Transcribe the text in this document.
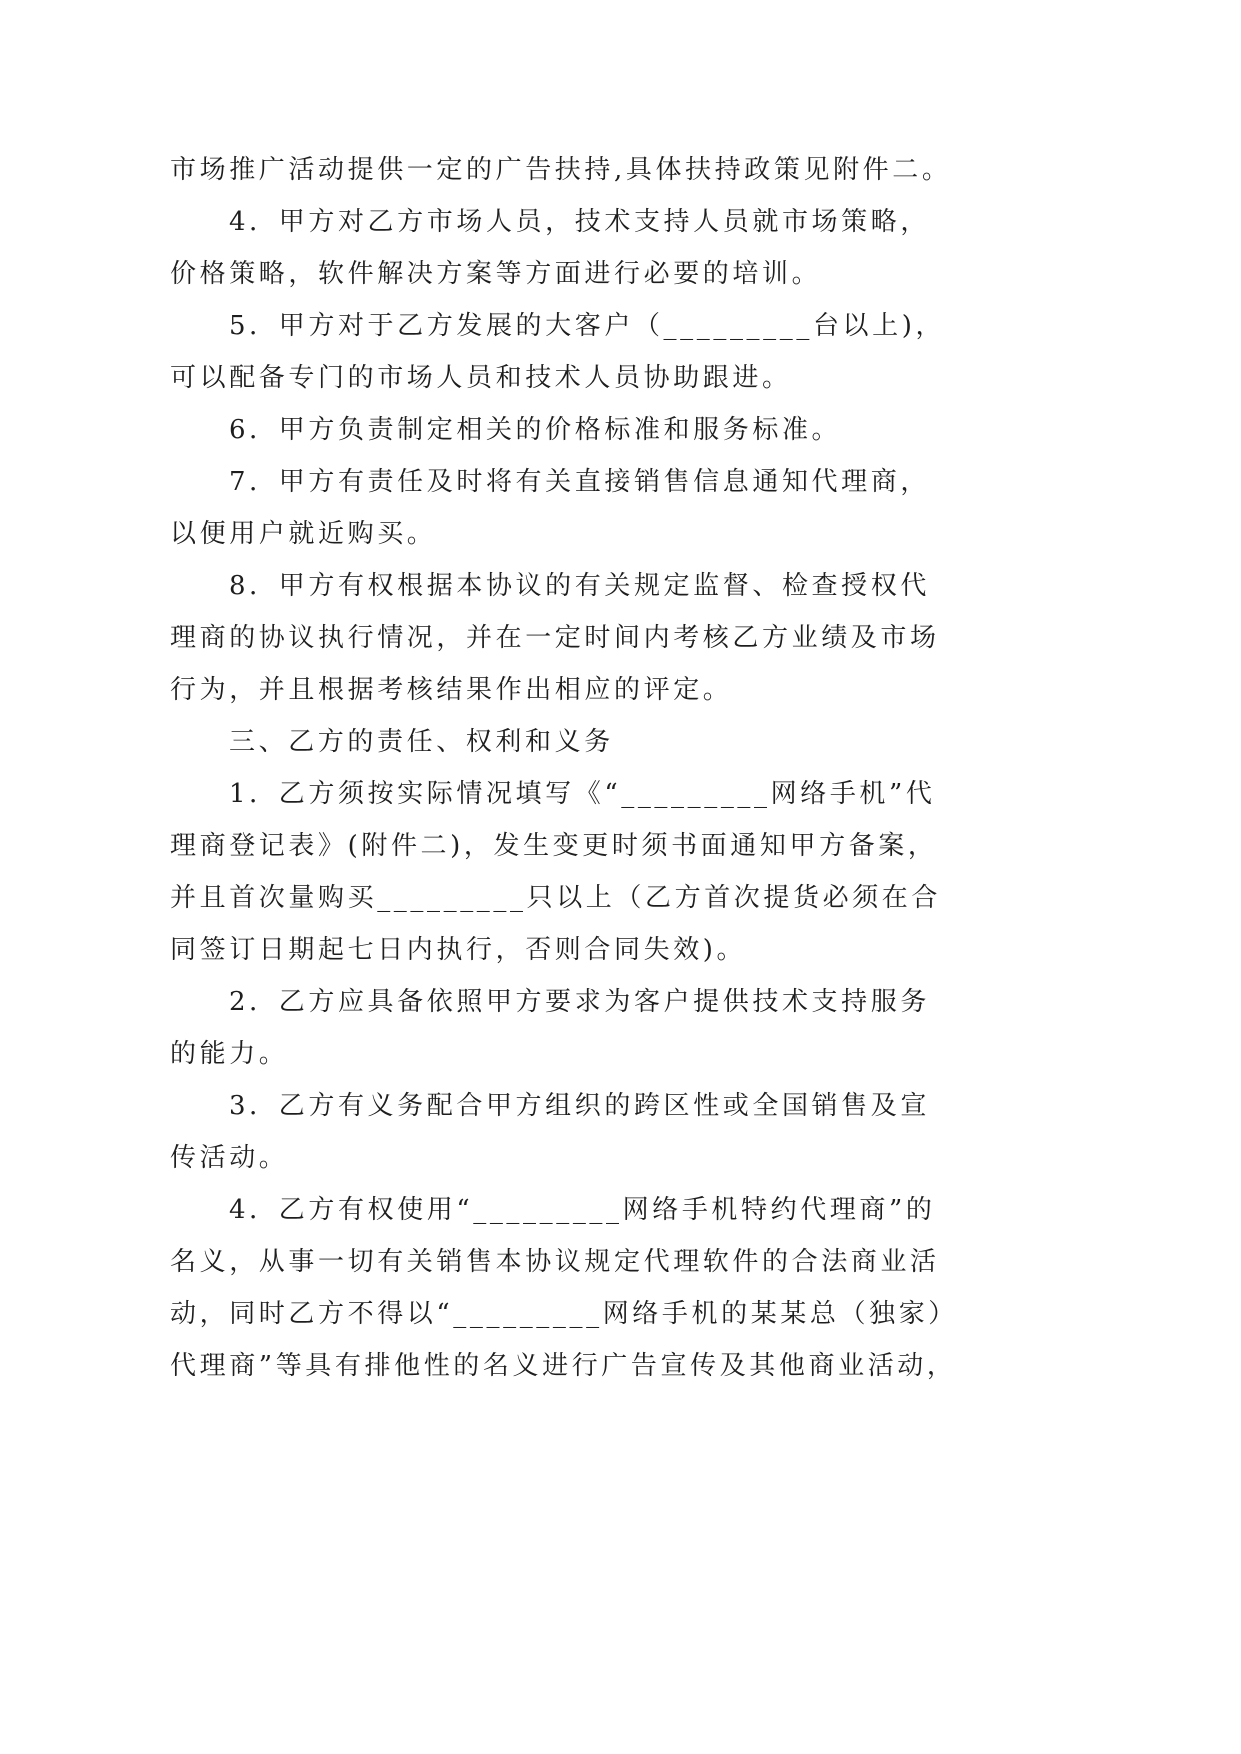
市场推广活动提供一定的广告扶持,具体扶持政策见附件二。
4．甲方对乙方市场人员，技术支持人员就市场策略，
价格策略，软件解决方案等方面进行必要的培训。
5．甲方对于乙方发展的大客户（_________台以上)，
可以配备专门的市场人员和技术人员协助跟进。
6．甲方负责制定相关的价格标准和服务标准。
7．甲方有责任及时将有关直接销售信息通知代理商，
以便用户就近购买。
8．甲方有权根据本协议的有关规定监督、检查授权代
理商的协议执行情况，并在一定时间内考核乙方业绩及市场
行为，并且根据考核结果作出相应的评定。
三、乙方的责任、权利和义务
1．乙方须按实际情况填写《“_________网络手机”代
理商登记表》(附件二)，发生变更时须书面通知甲方备案，
并且首次量购买_________只以上（乙方首次提货必须在合
同签订日期起七日内执行，否则合同失效)。
2．乙方应具备依照甲方要求为客户提供技术支持服务
的能力。
3．乙方有义务配合甲方组织的跨区性或全国销售及宣
传活动。
4．乙方有权使用“_________网络手机特约代理商”的
名义，从事一切有关销售本协议规定代理软件的合法商业活
动，同时乙方不得以“_________网络手机的某某总（独家）
代理商”等具有排他性的名义进行广告宣传及其他商业活动，
